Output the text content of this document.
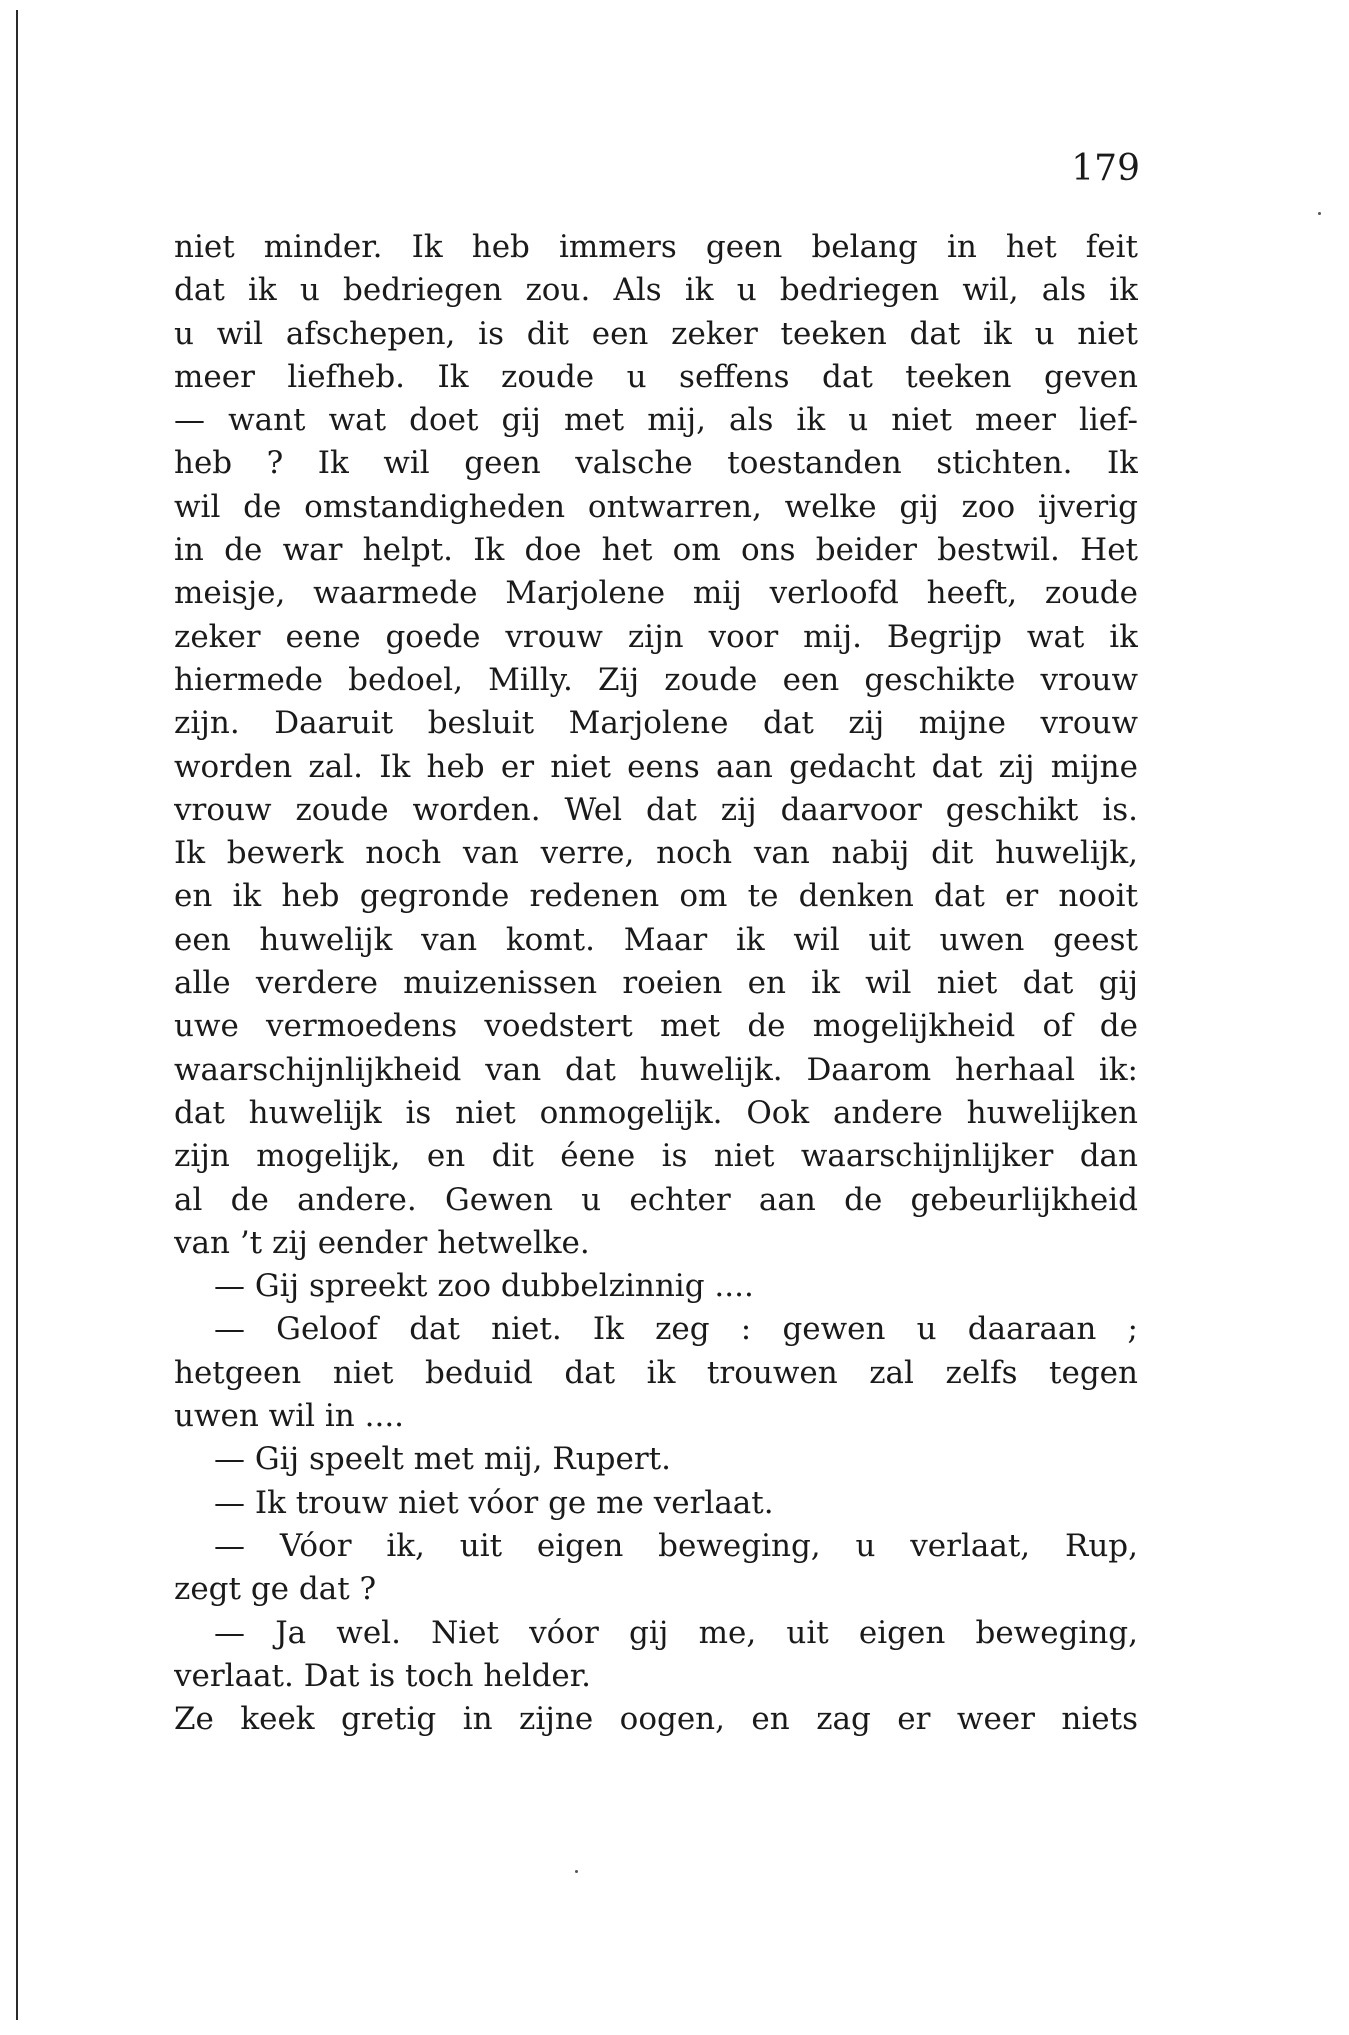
179
niet minder. Ik heb immers geen belang in het feit
dat ik u bedriegen zou. Als ik u bedriegen wil, als ik
u wil afschepen, is dit een zeker teeken dat ik u niet
meer liefheb. Ik zoude u seffens dat teeken geven
— want wat doet gij met mij, als ik u niet meer lief-
heb ? Ik wil geen valsche toestanden stichten. Ik
wil de omstandigheden ontwarren, welke gij zoo ijverig
in de war helpt. Ik doe het om ons beider bestwil. Het
meisje, waarmede Marjolene mij verloofd heeft, zoude
zeker eene goede vrouw zijn voor mij. Begrijp wat ik
hiermede bedoel, Milly. Zij zoude een geschikte vrouw
zijn. Daaruit besluit Marjolene dat zij mijne vrouw
worden zal. Ik heb er niet eens aan gedacht dat zij mijne
vrouw zoude worden. Wel dat zij daarvoor geschikt is.
Ik bewerk noch van verre, noch van nabij dit huwelijk,
en ik heb gegronde redenen om te denken dat er nooit
een huwelijk van komt. Maar ik wil uit uwen geest
alle verdere muizenissen roeien en ik wil niet dat gij
uwe vermoedens voedstert met de mogelijkheid of de
waarschijnlijkheid van dat huwelijk. Daarom herhaal ik:
dat huwelijk is niet onmogelijk. Ook andere huwelijken
zijn mogelijk, en dit éene is niet waarschijnlijker dan
al de andere. Gewen u echter aan de gebeurlijkheid
van ’t zij eender hetwelke.
— Gij spreekt zoo dubbelzinnig ....
— Geloof dat niet. Ik zeg : gewen u daaraan ;
hetgeen niet beduid dat ik trouwen zal zelfs tegen
uwen wil in ....
— Gij speelt met mij, Rupert.
— Ik trouw niet vóor ge me verlaat.
— Vóor ik, uit eigen beweging, u verlaat, Rup,
zegt ge dat ?
— Ja wel. Niet vóor gij me, uit eigen beweging,
verlaat. Dat is toch helder.
Ze keek gretig in zijne oogen, en zag er weer niets
